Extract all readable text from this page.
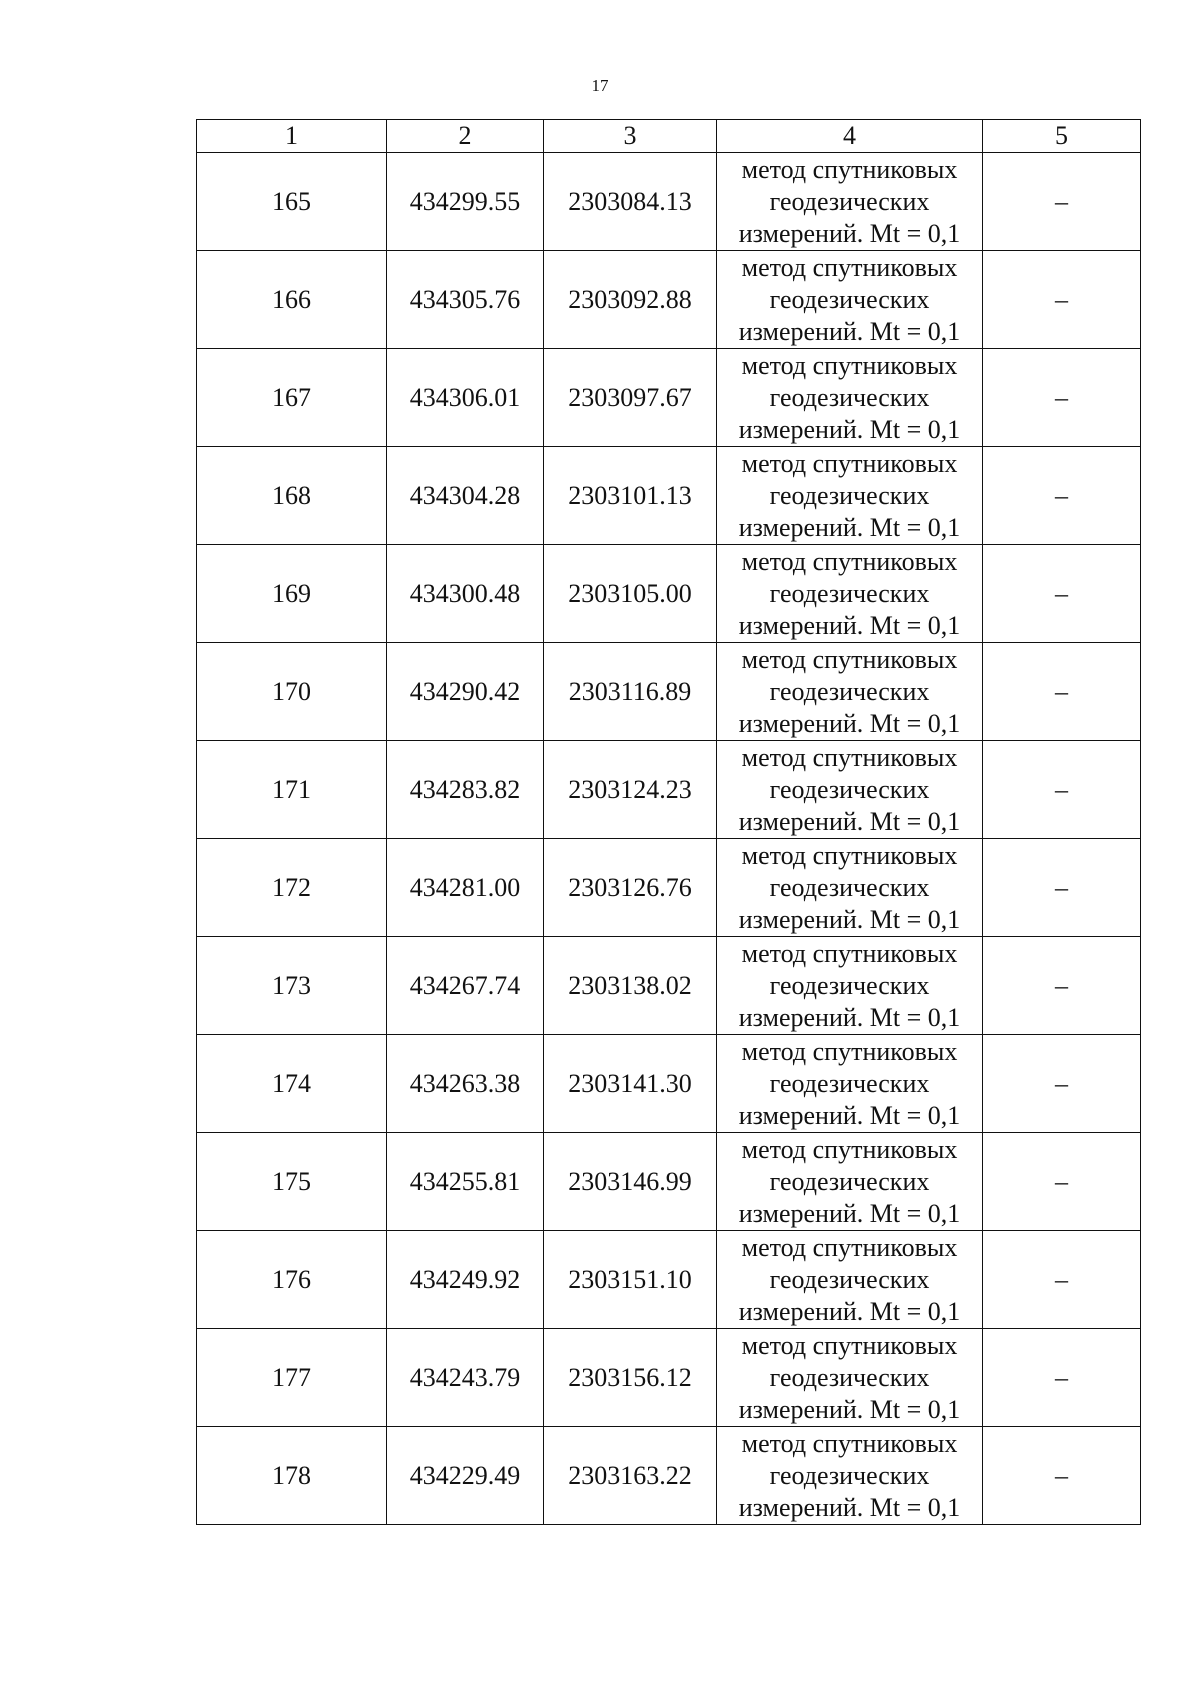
17
1	2	3	4	5
165	434299.55	2303084.13	метод спутниковых
геодезических
измерений. Mt = 0,1	–
166	434305.76	2303092.88	метод спутниковых
геодезических
измерений. Mt = 0,1	–
167	434306.01	2303097.67	метод спутниковых
геодезических
измерений. Mt = 0,1	–
168	434304.28	2303101.13	метод спутниковых
геодезических
измерений. Mt = 0,1	–
169	434300.48	2303105.00	метод спутниковых
геодезических
измерений. Mt = 0,1	–
170	434290.42	2303116.89	метод спутниковых
геодезических
измерений. Mt = 0,1	–
171	434283.82	2303124.23	метод спутниковых
геодезических
измерений. Mt = 0,1	–
172	434281.00	2303126.76	метод спутниковых
геодезических
измерений. Mt = 0,1	–
173	434267.74	2303138.02	метод спутниковых
геодезических
измерений. Mt = 0,1	–
174	434263.38	2303141.30	метод спутниковых
геодезических
измерений. Mt = 0,1	–
175	434255.81	2303146.99	метод спутниковых
геодезических
измерений. Mt = 0,1	–
176	434249.92	2303151.10	метод спутниковых
геодезических
измерений. Mt = 0,1	–
177	434243.79	2303156.12	метод спутниковых
геодезических
измерений. Mt = 0,1	–
178	434229.49	2303163.22	метод спутниковых
геодезических
измерений. Mt = 0,1	–
